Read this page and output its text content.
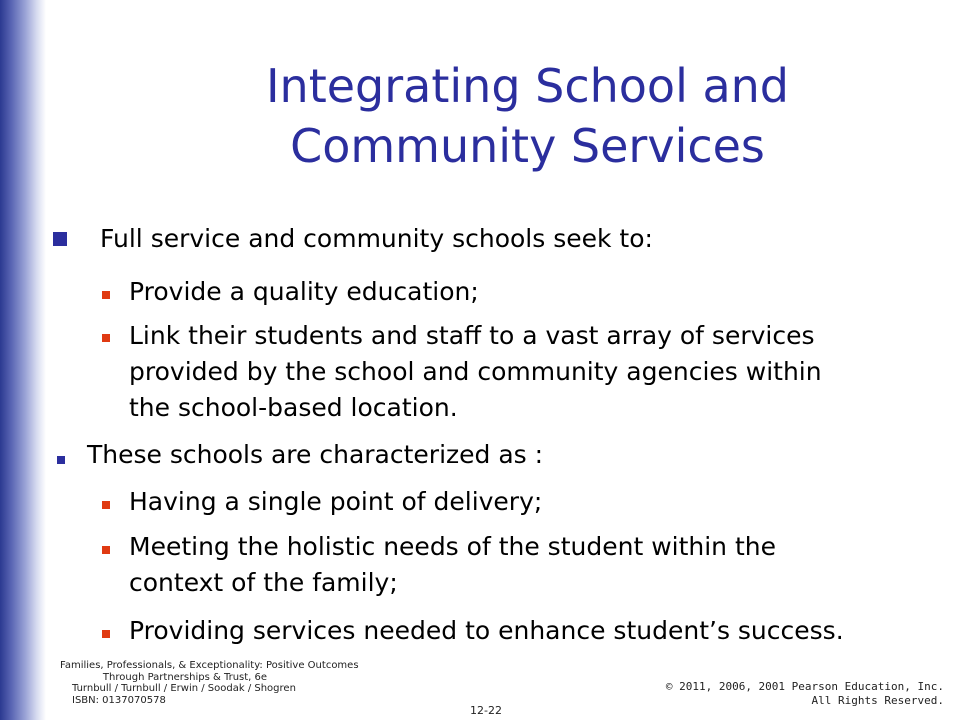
Integrating School and
Community Services
Full service and community schools seek to:
Provide a quality education;
Link their students and staff to a vast array of services
provided by the school and community agencies within
the school-based location.
These schools are characterized as :
Having a single point of delivery;
Meeting the holistic needs of the student within the
context of the family;
Providing services needed to enhance student’s success.
Families, Professionals, & Exceptionality: Positive Outcomes
Through Partnerships & Trust, 6e
Turnbull / Turnbull / Erwin / Soodak / Shogren
ISBN: 0137070578
12-22
© 2011, 2006, 2001 Pearson Education, Inc.
All Rights Reserved.
